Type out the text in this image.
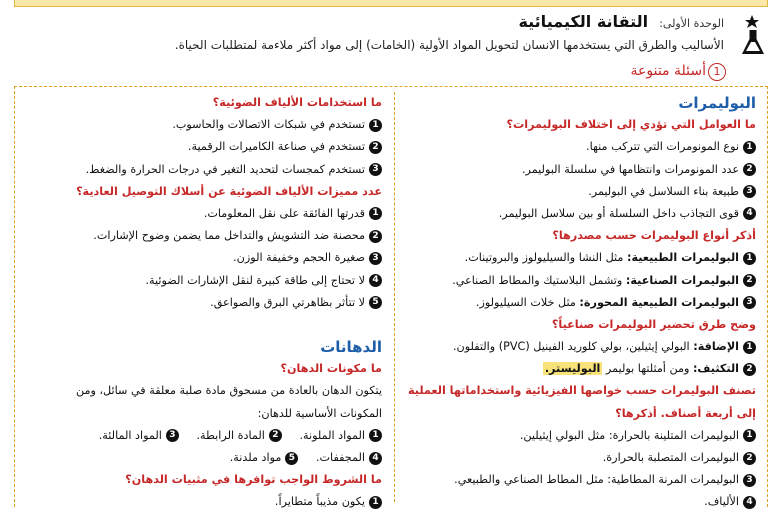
الوحدة الأولى: التقانة الكيميائية
الأساليب والطرق التي يستخدمها الانسان لتحويل المواد الأولية (الخامات) إلى مواد أكثر ملاءمة لمتطلبات الحياة.
1
أسئلة متنوعة
البوليمرات
ما العوامل التي تؤدي إلى اختلاف البوليمرات؟
1نوع المونومرات التي تتركب منها.
2عدد المونومرات وانتظامها في سلسلة البوليمر.
3طبيعة بناء السلاسل في البوليمر.
4قوى التجاذب داخل السلسلة أو بين سلاسل البوليمر.
أذكر أنواع البوليمرات حسب مصدرها؟
1البوليمرات الطبيعية: مثل النشا والسيليولوز والبروتينات.
2البوليمرات الصناعية: وتشمل البلاستيك والمطاط الصناعي.
3البوليمرات الطبيعية المحورة: مثل خلات السيليولوز.
وضح طرق تحضير البوليمرات صناعياً؟
1الإضافة: البولي إيثيلين، بولي كلوريد الفينيل (PVC) والتفلون.
2التكثيف: ومن أمثلتها بوليمر البوليستر.
تصنف البوليمرات حسب خواصها الفيزيائية واستخداماتها العملية
إلى أربعة أصناف. أذكرها؟
1البوليمرات المتلينة بالحرارة: مثل البولي إيثيلين.
2البوليمرات المتصلبة بالحرارة.
3البوليمرات المرنة المطاطية: مثل المطاط الصناعي والطبيعي.
4الألياف.
ما استخدامات الألياف الضوئية؟
1تستخدم في شبكات الاتصالات والحاسوب.
2تستخدم في صناعة الكاميرات الرقمية.
3تستخدم كمجسات لتحديد التغير في درجات الحرارة والضغط.
عدد مميزات الألياف الضوئية عن أسلاك التوصيل العادية؟
1قدرتها الفائقة على نقل المعلومات.
2محصنة ضد التشويش والتداخل مما يضمن وضوح الإشارات.
3صغيرة الحجم وخفيفة الوزن.
4لا تحتاج إلى طاقة كبيرة لنقل الإشارات الضوئية.
5لا تتأثر بظاهرتي البرق والصواعق.
الدهانات
ما مكونات الدهان؟
يتكون الدهان بالعادة من مسحوق مادة صلبة معلقة في سائل، ومن
المكونات الأساسية للدهان:
1المواد الملونة. 2المادة الرابطة. 3المواد المالئة.
4المجففات. 5مواد ملدنة.
ما الشروط الواجب توافرها في مثبيات الدهان؟
1يكون مذيباً متطايراً.
